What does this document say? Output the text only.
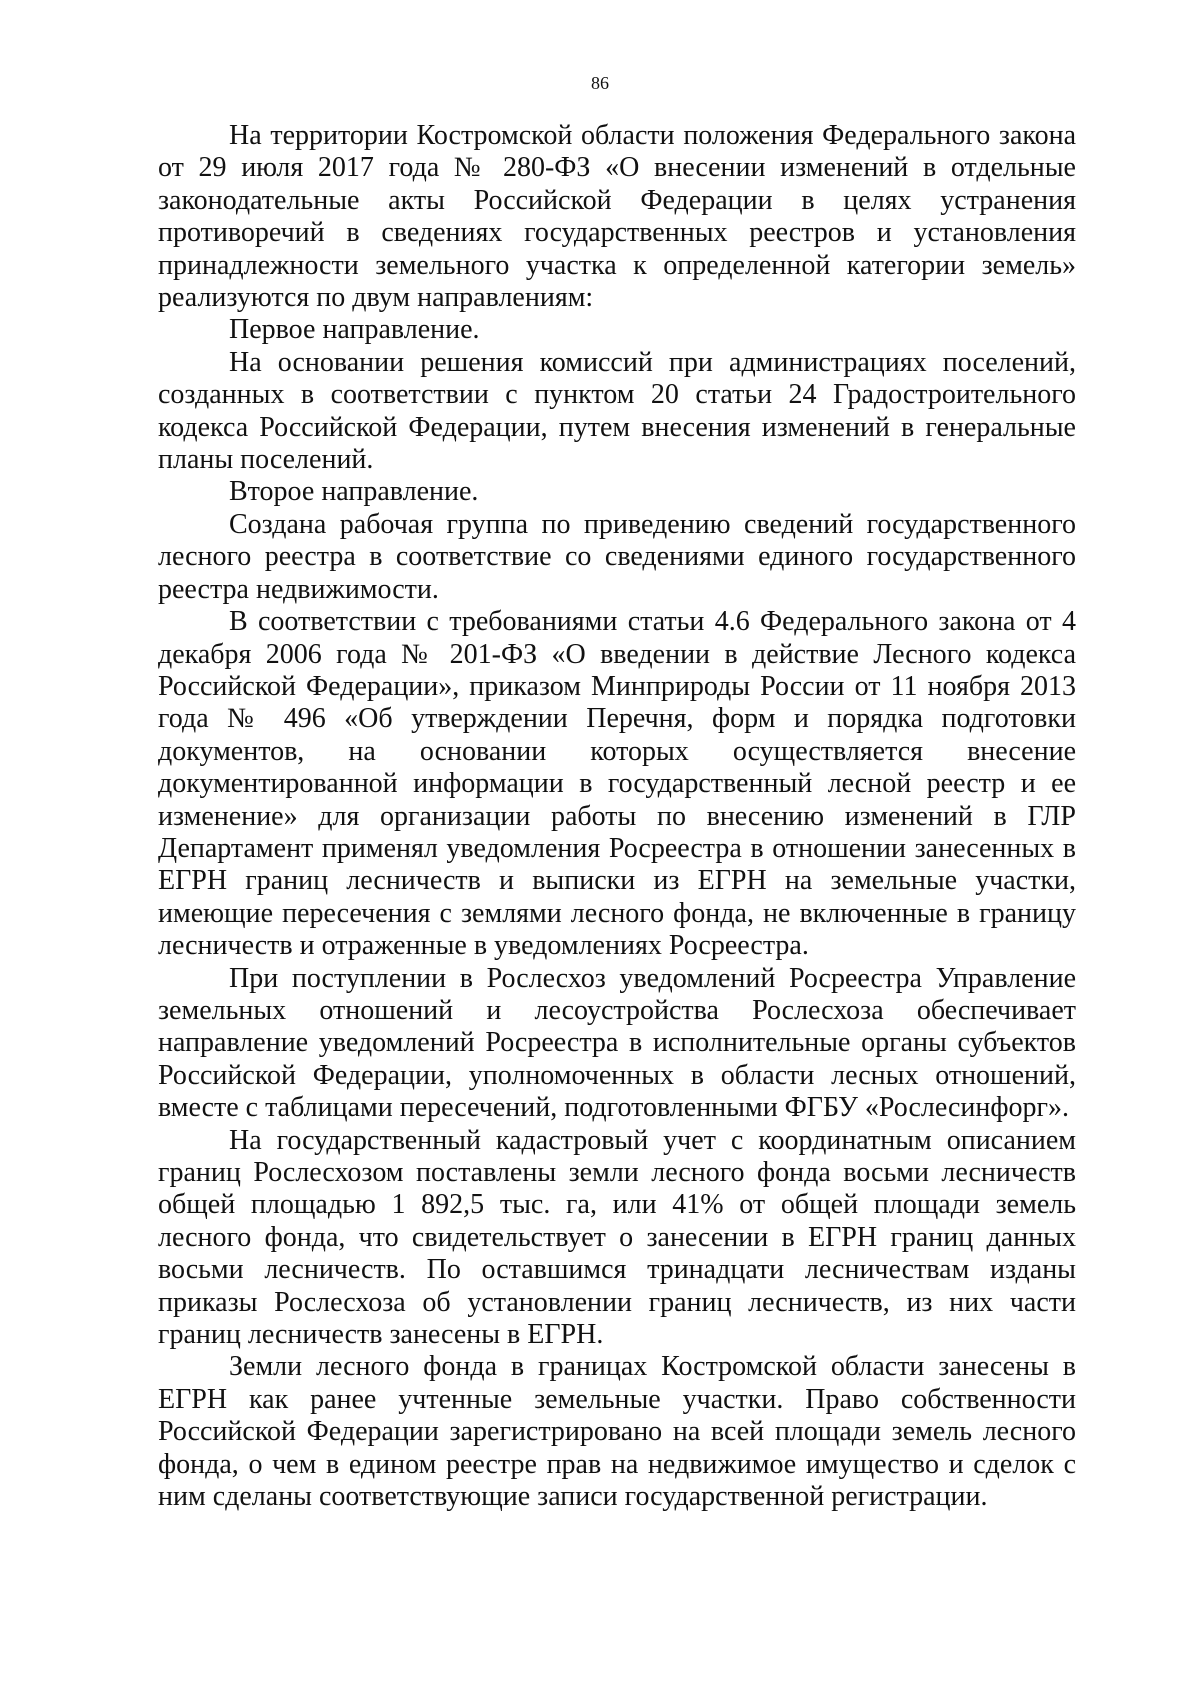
86

На территории Костромской области положения Федерального закона от 29 июля 2017 года № 280-ФЗ «О внесении изменений в отдельные законодательные акты Российской Федерации в целях устранения противоречий в сведениях государственных реестров и установления принадлежности земельного участка к определенной категории земель» реализуются по двум направлениям:

Первое направление.

На основании решения комиссий при администрациях поселений, созданных в соответствии с пунктом 20 статьи 24 Градостроительного кодекса Российской Федерации, путем внесения изменений в генеральные планы поселений.

Второе направление.

Создана рабочая группа по приведению сведений государственного лесного реестра в соответствие со сведениями единого государственного реестра недвижимости.

В соответствии с требованиями статьи 4.6 Федерального закона от 4 декабря 2006 года № 201-ФЗ «О введении в действие Лесного кодекса Российской Федерации», приказом Минприроды России от 11 ноября 2013 года № 496 «Об утверждении Перечня, форм и порядка подготовки документов, на основании которых осуществляется внесение документированной информации в государственный лесной реестр и ее изменение» для организации работы по внесению изменений в ГЛР Департамент применял уведомления Росреестра в отношении занесенных в ЕГРН границ лесничеств и выписки из ЕГРН на земельные участки, имеющие пересечения с землями лесного фонда, не включенные в границу лесничеств и отраженные в уведомлениях Росреестра.

При поступлении в Рослесхоз уведомлений Росреестра Управление земельных отношений и лесоустройства Рослесхоза обеспечивает направление уведомлений Росреестра в исполнительные органы субъектов Российской Федерации, уполномоченных в области лесных отношений, вместе с таблицами пересечений, подготовленными ФГБУ «Рослесинфорг».

На государственный кадастровый учет с координатным описанием границ Рослесхозом поставлены земли лесного фонда восьми лесничеств общей площадью 1 892,5 тыс. га, или 41% от общей площади земель лесного фонда, что свидетельствует о занесении в ЕГРН границ данных восьми лесничеств. По оставшимся тринадцати лесничествам изданы приказы Рослесхоза об установлении границ лесничеств, из них части границ лесничеств занесены в ЕГРН.

Земли лесного фонда в границах Костромской области занесены в ЕГРН как ранее учтенные земельные участки. Право собственности Российской Федерации зарегистрировано на всей площади земель лесного фонда, о чем в едином реестре прав на недвижимое имущество и сделок с ним сделаны соответствующие записи государственной регистрации.
